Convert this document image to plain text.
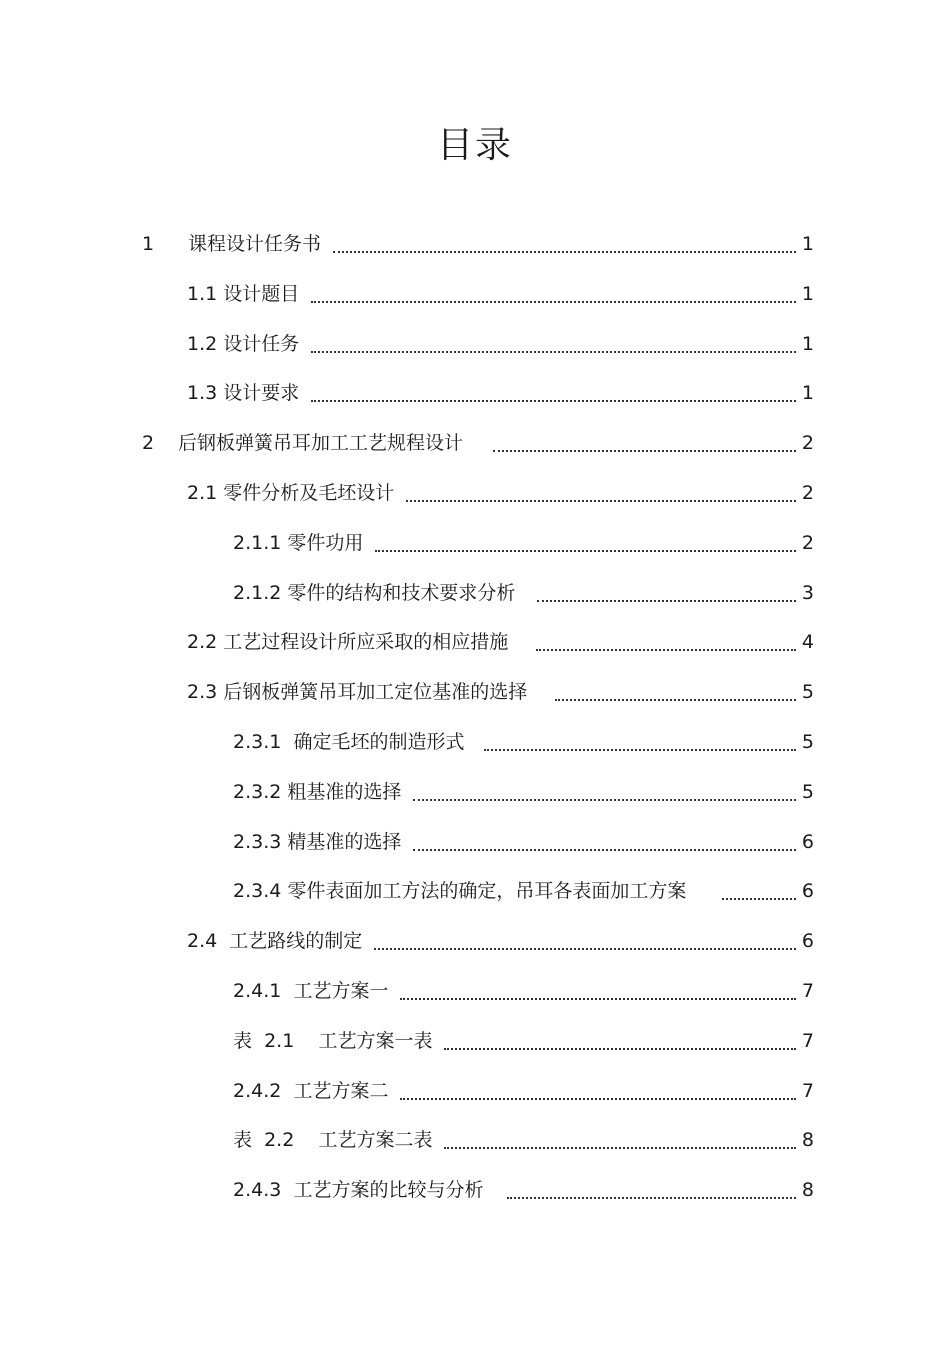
目录
1	课程设计任务书	1
1.1 设计题目	1
1.2 设计任务	1
1.3 设计要求	1
2	后钢板弹簧吊耳加工工艺规程设计	2
2.1 零件分析及毛坯设计	2
2.1.1 零件功用	2
2.1.2 零件的结构和技术要求分析	3
2.2 工艺过程设计所应采取的相应措施	4
2.3 后钢板弹簧吊耳加工定位基准的选择	5
2.3.1 确定毛坯的制造形式	5
2.3.2 粗基准的选择	5
2.3.3 精基准的选择	6
2.3.4 零件表面加工方法的确定，吊耳各表面加工方案	6
2.4 工艺路线的制定	6
2.4.1 工艺方案一	7
表  2.1 工艺方案一表	7
2.4.2 工艺方案二	7
表  2.2 工艺方案二表	8
2.4.3 工艺方案的比较与分析	8
